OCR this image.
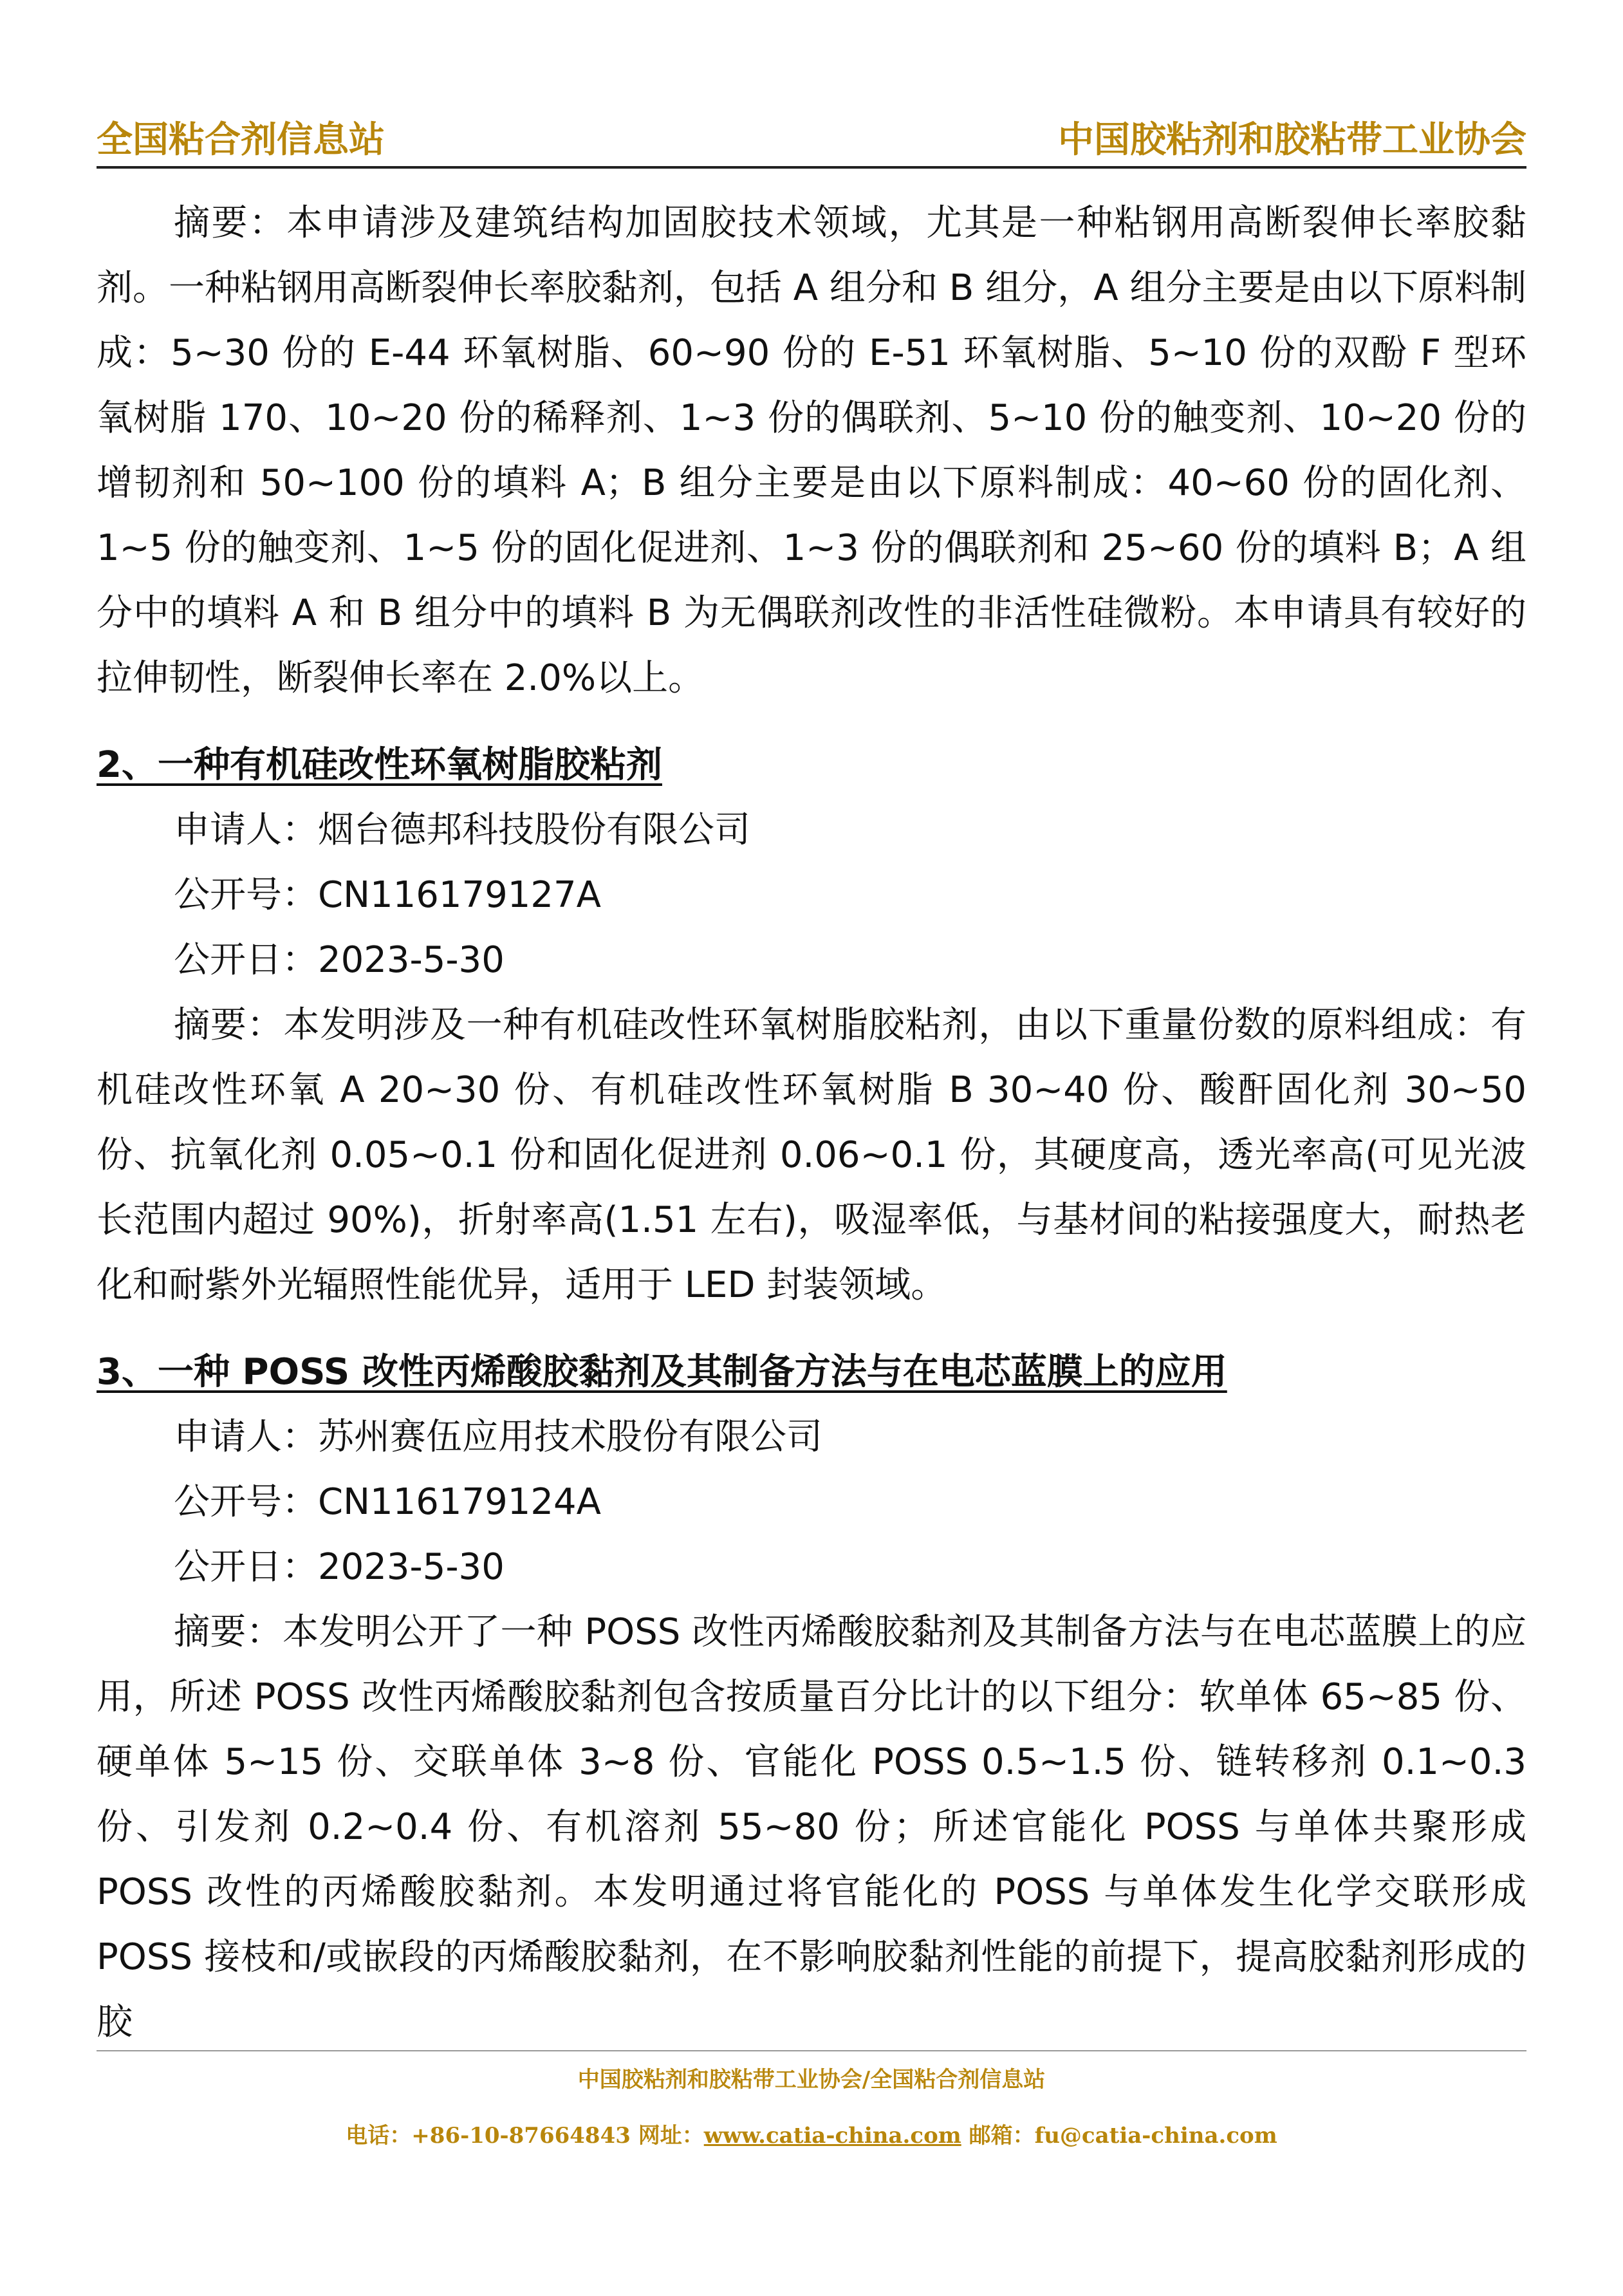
全国粘合剂信息站	中国胶粘剂和胶粘带工业协会

摘要：本申请涉及建筑结构加固胶技术领域，尤其是一种粘钢用高断裂伸长率胶黏剂。一种粘钢用高断裂伸长率胶黏剂，包括 A 组分和 B 组分，A 组分主要是由以下原料制成：5~30 份的 E-44 环氧树脂、60~90 份的 E-51 环氧树脂、5~10 份的双酚 F 型环氧树脂 170、10~20 份的稀释剂、1~3 份的偶联剂、5~10 份的触变剂、10~20 份的增韧剂和 50~100 份的填料 A；B 组分主要是由以下原料制成：40~60 份的固化剂、1~5 份的触变剂、1~5 份的固化促进剂、1~3 份的偶联剂和 25~60 份的填料 B；A 组分中的填料 A 和 B 组分中的填料 B 为无偶联剂改性的非活性硅微粉。本申请具有较好的拉伸韧性，断裂伸长率在 2.0%以上。

2、一种有机硅改性环氧树脂胶粘剂

申请人：烟台德邦科技股份有限公司

公开号：CN116179127A

公开日：2023-5-30

摘要：本发明涉及一种有机硅改性环氧树脂胶粘剂，由以下重量份数的原料组成：有机硅改性环氧 A 20~30 份、有机硅改性环氧树脂 B 30~40 份、酸酐固化剂 30~50 份、抗氧化剂 0.05~0.1 份和固化促进剂 0.06~0.1 份，其硬度高，透光率高(可见光波长范围内超过 90%)，折射率高(1.51 左右)，吸湿率低，与基材间的粘接强度大，耐热老化和耐紫外光辐照性能优异，适用于 LED 封装领域。

3、一种 POSS 改性丙烯酸胶黏剂及其制备方法与在电芯蓝膜上的应用

申请人：苏州赛伍应用技术股份有限公司

公开号：CN116179124A

公开日：2023-5-30

摘要：本发明公开了一种 POSS 改性丙烯酸胶黏剂及其制备方法与在电芯蓝膜上的应用，所述 POSS 改性丙烯酸胶黏剂包含按质量百分比计的以下组分：软单体 65~85 份、硬单体 5~15 份、交联单体 3~8 份、官能化 POSS 0.5~1.5 份、链转移剂 0.1~0.3 份、引发剂 0.2~0.4 份、有机溶剂 55~80 份；所述官能化 POSS 与单体共聚形成 POSS 改性的丙烯酸胶黏剂。本发明通过将官能化的 POSS 与单体发生化学交联形成 POSS 接枝和/或嵌段的丙烯酸胶黏剂，在不影响胶黏剂性能的前提下，提高胶黏剂形成的胶

中国胶粘剂和胶粘带工业协会/全国粘合剂信息站
电话：+86-10-87664843 网址：www.catia-china.com 邮箱：fu@catia-china.com
